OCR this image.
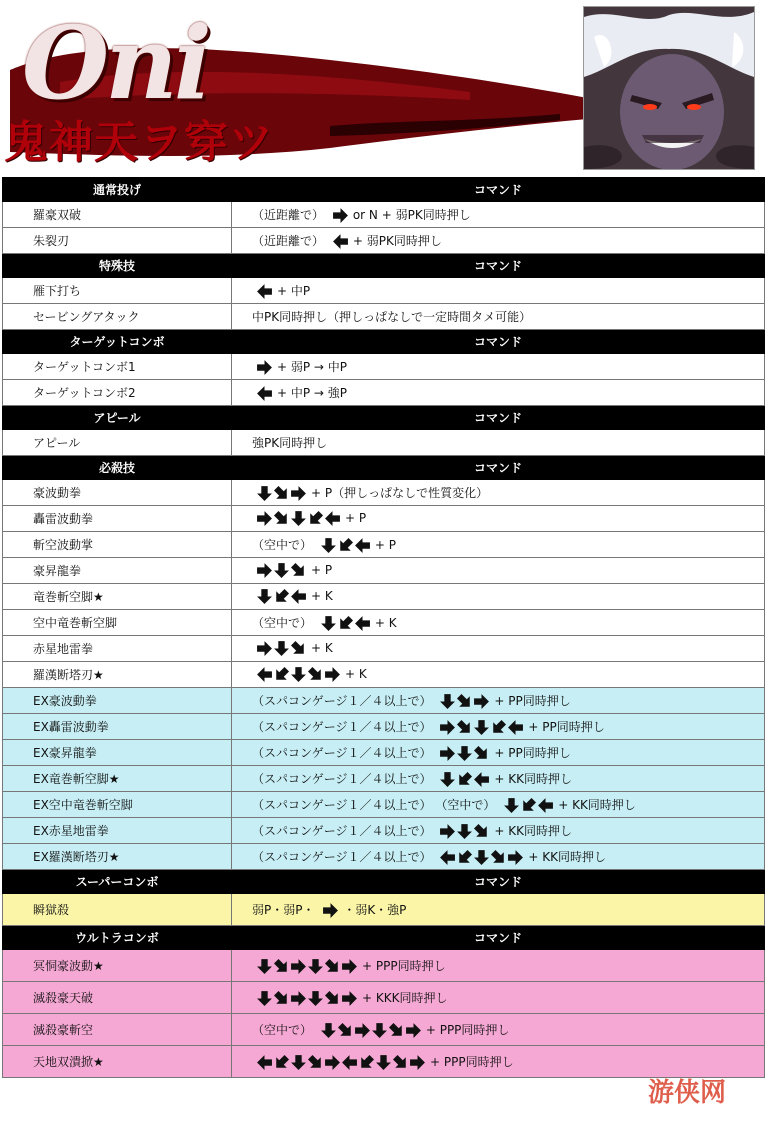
Oni
鬼神天ヲ穿ツ
通常投げ	コマンド
羅豪双破	（近距離で） or N + 弱PK同時押し
朱裂刃	（近距離で） + 弱PK同時押し
特殊技	コマンド
雁下打ち	+ 中P
セービングアタック	中PK同時押し（押しっぱなしで一定時間タメ可能）
ターゲットコンボ	コマンド
ターゲットコンボ1	+ 弱P → 中P
ターゲットコンボ2	+ 中P → 強P
アピール	コマンド
アピール	強PK同時押し
必殺技	コマンド
豪波動拳	+ P（押しっぱなしで性質変化）
轟雷波動拳	+ P
斬空波動掌	（空中で） + P
豪昇龍拳	+ P
竜巻斬空脚★	+ K
空中竜巻斬空脚	（空中で） + K
赤星地雷拳	+ K
羅漢断塔刃★	+ K
EX豪波動拳	（スパコンゲージ１／４以上で） + PP同時押し
EX轟雷波動拳	（スパコンゲージ１／４以上で） + PP同時押し
EX豪昇龍拳	（スパコンゲージ１／４以上で） + PP同時押し
EX竜巻斬空脚★	（スパコンゲージ１／４以上で） + KK同時押し
EX空中竜巻斬空脚	（スパコンゲージ１／４以上で） （空中で） + KK同時押し
EX赤星地雷拳	（スパコンゲージ１／４以上で） + KK同時押し
EX羅漢断塔刃★	（スパコンゲージ１／４以上で） + KK同時押し
スーパーコンボ	コマンド
瞬獄殺	弱P・弱P・ ・弱K・強P
ウルトラコンボ	コマンド
冥恫豪波動★	+ PPP同時押し
滅殺豪天破	+ KKK同時押し
滅殺豪斬空	（空中で） + PPP同時押し
天地双潰掀★	+ PPP同時押し
游侠网
